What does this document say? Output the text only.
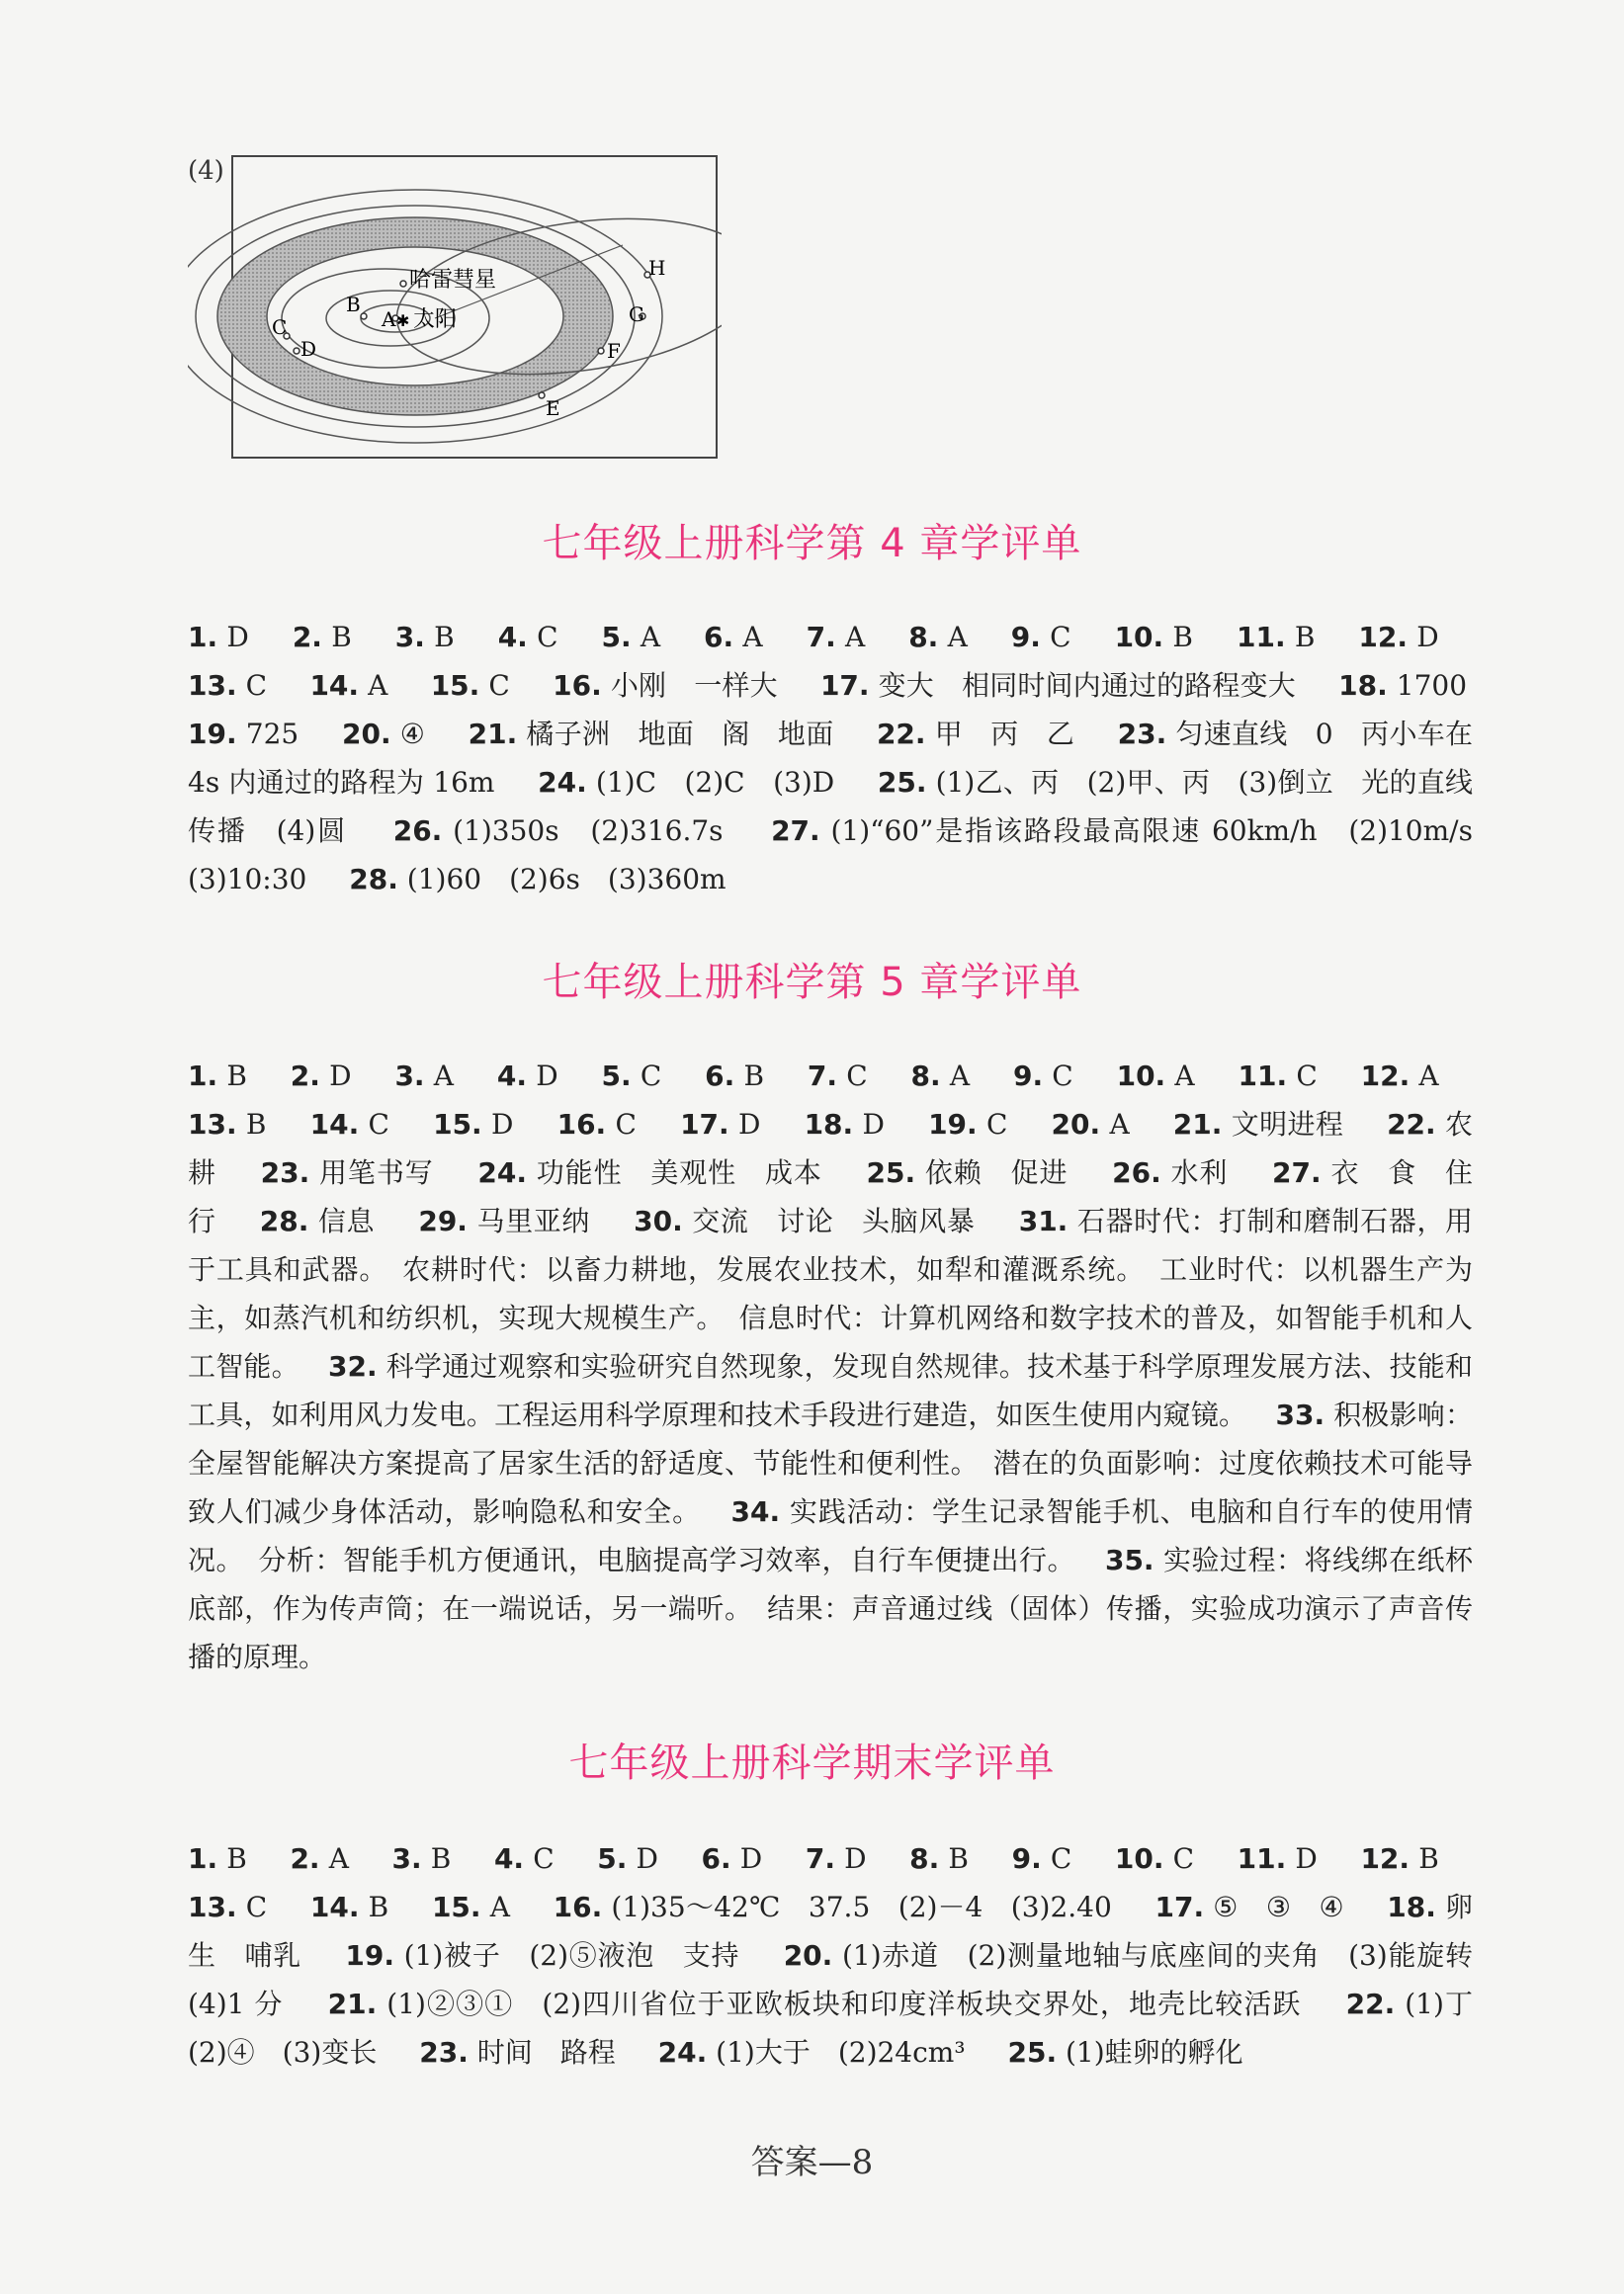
(4)
A
B
C
D
E
F
G
H
✱ 太阳
哈雷彗星
七年级上册科学第 4 章学评单
1. D　 2. B　 3. B　 4. C　 5. A　 6. A　 7. A　 8. A　 9. C　 10. B　 11. B　 12. D　 13. C　 14. A　 15. C　 16. 小刚　一样大　 17. 变大　相同时间内通过的路程变大　 18. 1700　 19. 725　 20. ④　 21. 橘子洲　地面　阁　地面　 22. 甲　丙　乙　 23. 匀速直线　0　丙小车在 4s 内通过的路程为 16m　 24. (1)C　(2)C　(3)D　 25. (1)乙、丙　(2)甲、丙　(3)倒立　光的直线传播　(4)圆　 26. (1)350s　(2)316.7s　 27. (1)“60”是指该路段最高限速 60km/h　(2)10m/s　(3)10:30　 28. (1)60　(2)6s　(3)360m　
七年级上册科学第 5 章学评单
1. B　 2. D　 3. A　 4. D　 5. C　 6. B　 7. C　 8. A　 9. C　 10. A　 11. C　 12. A　 13. B　 14. C　 15. D　 16. C　 17. D　 18. D　 19. C　 20. A　 21. 文明进程　 22. 农耕　 23. 用笔书写　 24. 功能性　美观性　成本　 25. 依赖　促进　 26. 水利　 27. 衣　食　住　行　 28. 信息　 29. 马里亚纳　 30. 交流　讨论　头脑风暴　 31. 石器时代：打制和磨制石器，用于工具和武器。　农耕时代：以畜力耕地，发展农业技术，如犁和灌溉系统。　工业时代：以机器生产为主，如蒸汽机和纺织机，实现大规模生产。　信息时代：计算机网络和数字技术的普及，如智能手机和人工智能。　 32. 科学通过观察和实验研究自然现象，发现自然规律。技术基于科学原理发展方法、技能和工具，如利用风力发电。工程运用科学原理和技术手段进行建造，如医生使用内窥镜。　 33. 积极影响：全屋智能解决方案提高了居家生活的舒适度、节能性和便利性。　潜在的负面影响：过度依赖技术可能导致人们减少身体活动，影响隐私和安全。　 34. 实践活动：学生记录智能手机、电脑和自行车的使用情况。　分析：智能手机方便通讯，电脑提高学习效率，自行车便捷出行。　 35. 实验过程：将线绑在纸杯底部，作为传声筒；在一端说话，另一端听。　结果：声音通过线（固体）传播，实验成功演示了声音传播的原理。　
七年级上册科学期末学评单
1. B　 2. A　 3. B　 4. C　 5. D　 6. D　 7. D　 8. B　 9. C　 10. C　 11. D　 12. B　 13. C　 14. B　 15. A　 16. (1)35～42℃　37.5　(2)－4　(3)2.40　 17. ⑤　③　④　 18. 卵生　哺乳　 19. (1)被子　(2)⑤液泡　支持　 20. (1)赤道　(2)测量地轴与底座间的夹角　(3)能旋转　(4)1 分　 21. (1)②③①　(2)四川省位于亚欧板块和印度洋板块交界处，地壳比较活跃　 22. (1)丁　(2)④　(3)变长　 23. 时间　路程　 24. (1)大于　(2)24cm³　 25. (1)蛙卵的孵化　
答案—8
